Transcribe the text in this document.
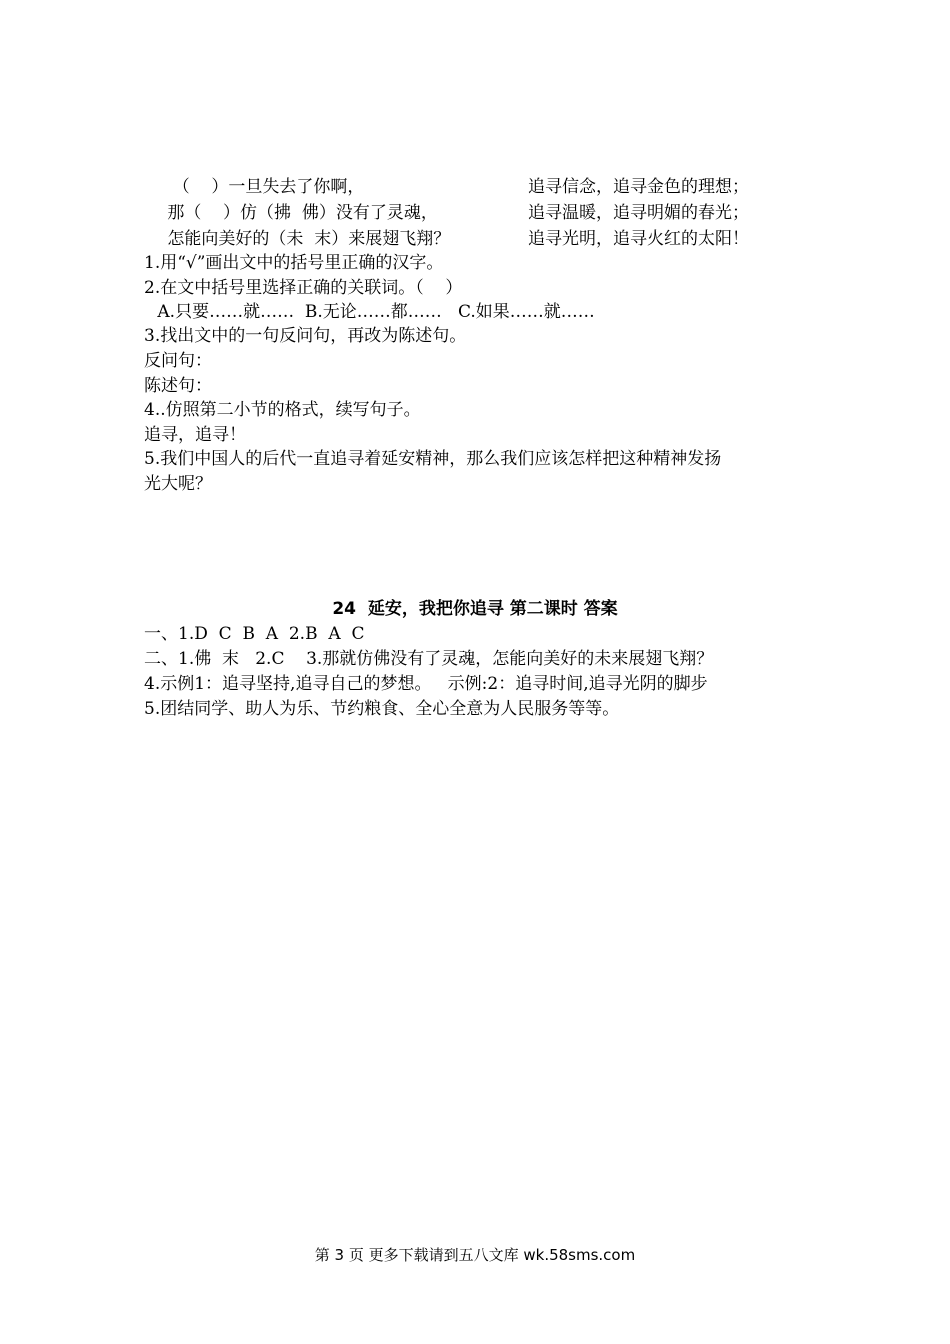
（    ）一旦失去了你啊，
那（    ）仿（拂  佛）没有了灵魂，
怎能向美好的（未  末）来展翅飞翔？
追寻信念，追寻金色的理想；
追寻温暖，追寻明媚的春光；
追寻光明，追寻火红的太阳！
1.用“√”画出文中的括号里正确的汉字。
2.在文中括号里选择正确的关联词。（    ）
A.只要……就……  B.无论……都……   C.如果……就……
3.找出文中的一句反问句，再改为陈述句。
反问句：
陈述句：
4..仿照第二小节的格式，续写句子。
追寻，追寻！
5.我们中国人的后代一直追寻着延安精神，那么我们应该怎样把这种精神发扬
光大呢？
24  延安，我把你追寻 第二课时 答案
一、1.D  C  B  A  2.B  A  C
二、1.佛  末   2.C    3.那就仿佛没有了灵魂，怎能向美好的未来展翅飞翔？
4.示例1：追寻坚持,追寻自己的梦想。   示例:2：追寻时间,追寻光阴的脚步
5.团结同学、助人为乐、节约粮食、全心全意为人民服务等等。
第 3 页 更多下载请到五八文库 wk.58sms.com
